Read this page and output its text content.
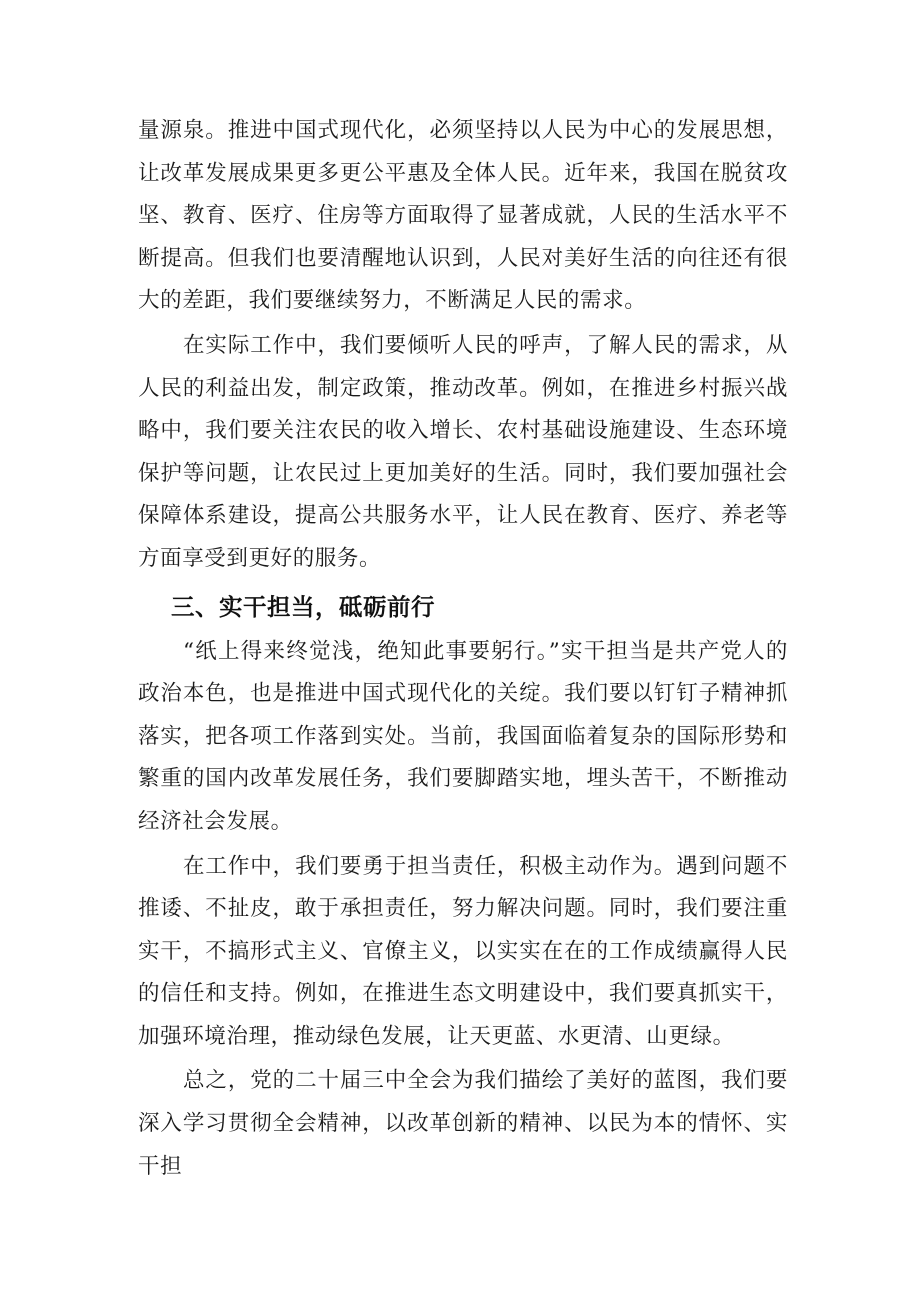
量源泉。推进中国式现代化，必须坚持以人民为中心的发展思想，让改革发展成果更多更公平惠及全体人民。近年来，我国在脱贫攻坚、教育、医疗、住房等方面取得了显著成就，人民的生活水平不断提高。但我们也要清醒地认识到，人民对美好生活的向往还有很大的差距，我们要继续努力，不断满足人民的需求。

在实际工作中，我们要倾听人民的呼声，了解人民的需求，从人民的利益出发，制定政策，推动改革。例如，在推进乡村振兴战略中，我们要关注农民的收入增长、农村基础设施建设、生态环境保护等问题，让农民过上更加美好的生活。同时，我们要加强社会保障体系建设，提高公共服务水平，让人民在教育、医疗、养老等方面享受到更好的服务。

三、实干担当，砥砺前行

“纸上得来终觉浅，绝知此事要躬行。”实干担当是共产党人的政治本色，也是推进中国式现代化的关绽。我们要以钉钉子精神抓落实，把各项工作落到实处。当前，我国面临着复杂的国际形势和繁重的国内改革发展任务，我们要脚踏实地，埋头苦干，不断推动经济社会发展。

在工作中，我们要勇于担当责任，积极主动作为。遇到问题不推诿、不扯皮，敢于承担责任，努力解决问题。同时，我们要注重实干，不搞形式主义、官僚主义，以实实在在的工作成绩赢得人民的信任和支持。例如，在推进生态文明建设中，我们要真抓实干，加强环境治理，推动绿色发展，让天更蓝、水更清、山更绿。

总之，党的二十届三中全会为我们描绘了美好的蓝图，我们要深入学习贯彻全会精神，以改革创新的精神、以民为本的情怀、实干担
